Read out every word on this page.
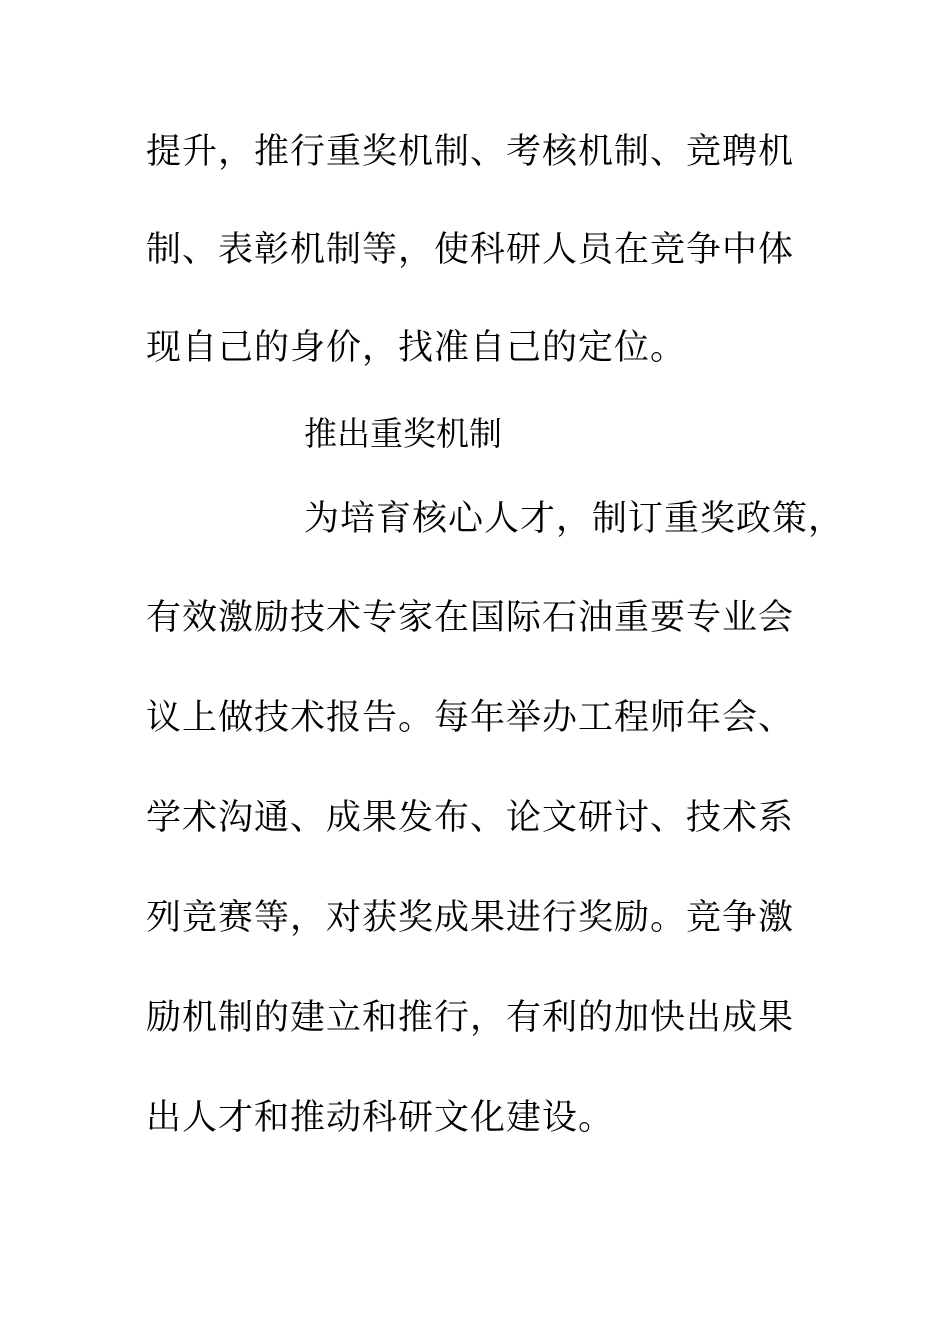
提升，推行重奖机制、考核机制、竞聘机
制、表彰机制等，使科研人员在竞争中体
现自己的身价，找准自己的定位。
推出重奖机制
为培育核心人才，制订重奖政策，
有效激励技术专家在国际石油重要专业会
议上做技术报告。每年举办工程师年会、
学术沟通、成果发布、论文研讨、技术系
列竞赛等，对获奖成果进行奖励。竞争激
励机制的建立和推行，有利的加快出成果
出人才和推动科研文化建设。
